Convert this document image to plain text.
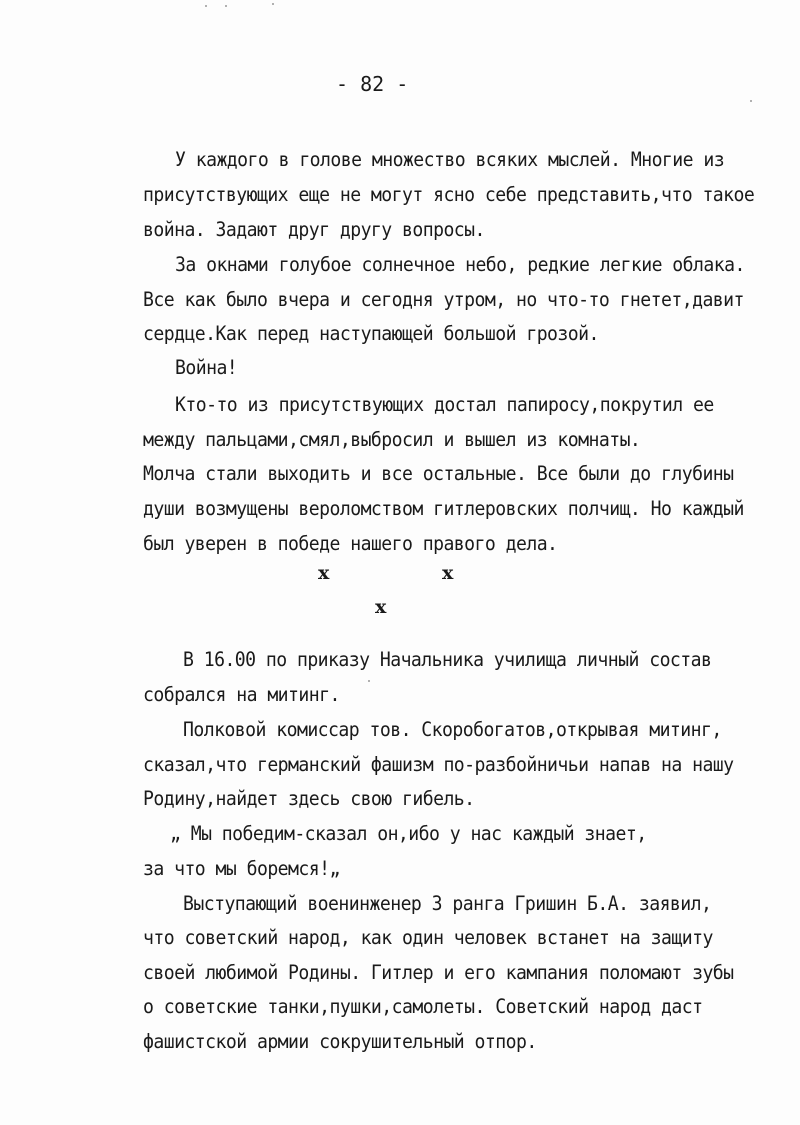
- 82 -
У каждого в голове множество всяких мыслей. Многие из
присутствующих еще не могут ясно себе представить,что такое
война. Задают друг другу вопросы.
За окнами голубое солнечное небо, редкие легкие облака.
Все как было вчера и сегодня утром, но что-то гнетет,давит
сердце.Как перед наступающей большой грозой.
Война!
Кто-то из присутствующих достал папиросу,покрутил ее
между пальцами,смял,выбросил и вышел из комнаты.
Молча стали выходить и все остальные. Все были до глубины
души возмущены вероломством гитлеровских полчищ. Но каждый
был уверен в победе нашего правого дела.
x	x
x
В 16.00 по приказу Начальника училища личный состав
собрался на митинг.
Полковой комиссар тов. Скоробогатов,открывая митинг,
сказал,что германский фашизм по-разбойничьи напав на нашу
Родину,найдет здесь свою гибель.
„ Мы победим-сказал он,ибо у нас каждый знает,
за что мы боремся!„
Выступающий военинженер 3 ранга Гришин Б.А. заявил,
что советский народ, как один человек встанет на защиту
своей любимой Родины. Гитлер и его кампания поломают зубы
о советские танки,пушки,самолеты. Советский народ даст
фашистской армии сокрушительный отпор.
